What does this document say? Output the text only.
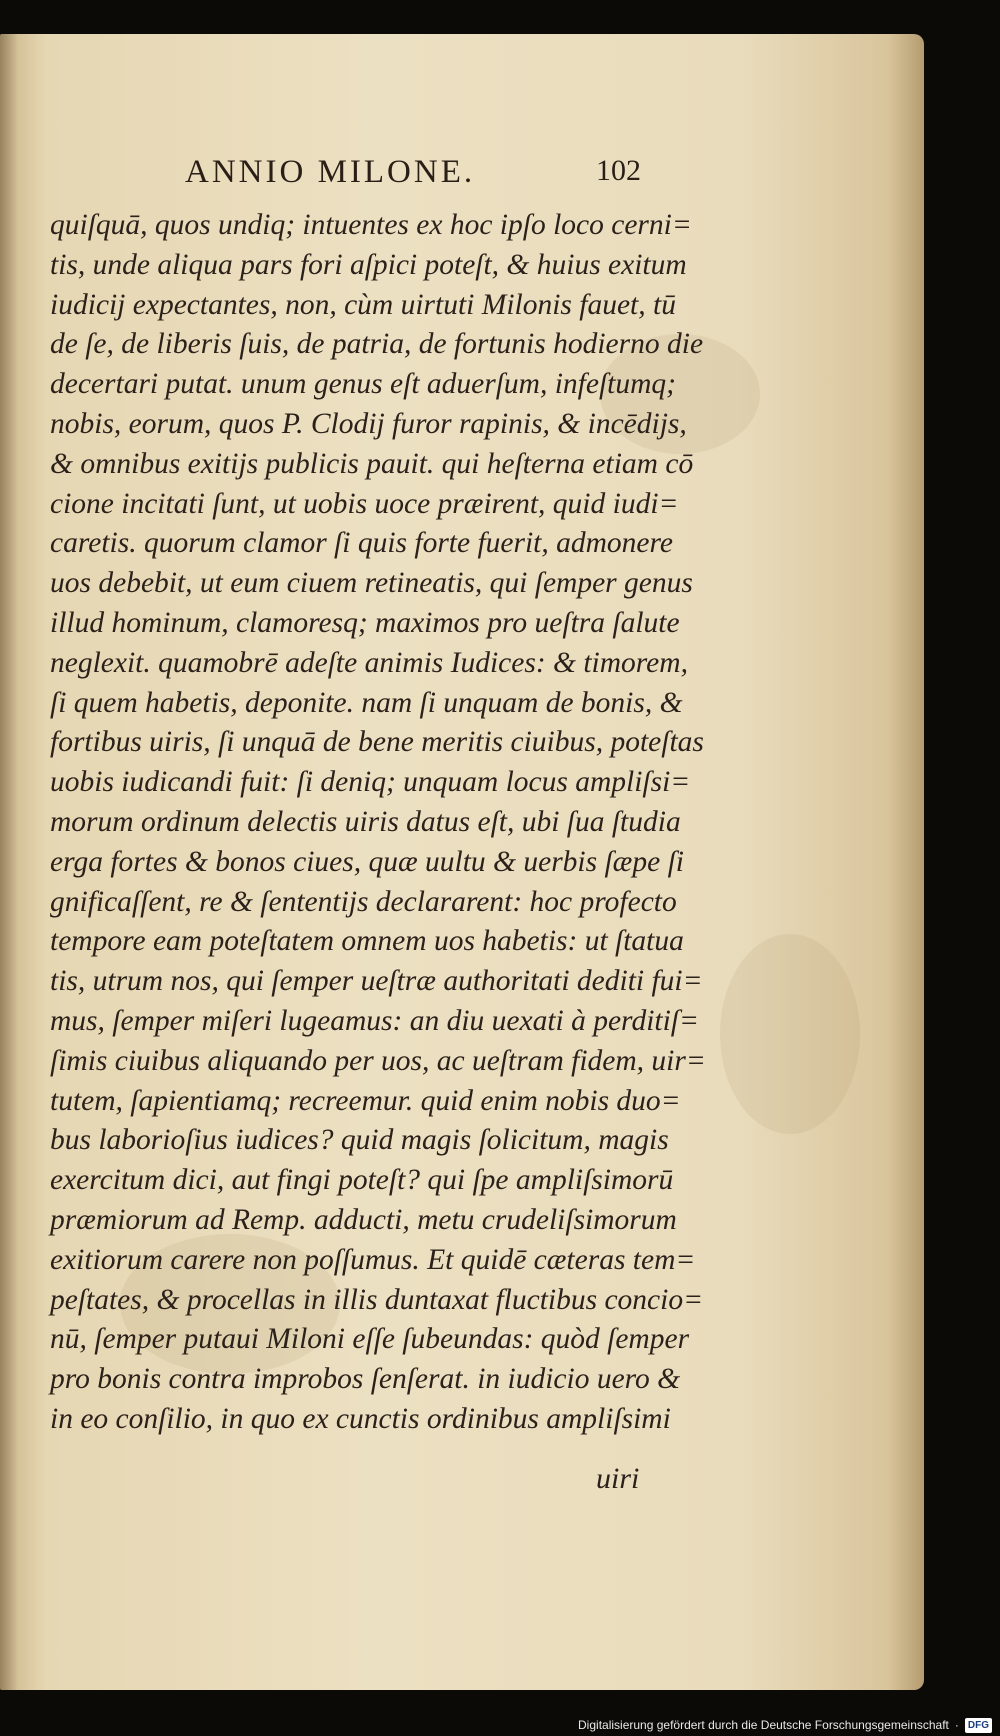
ANNIO MILONE.	102
quiſquā, quos undiq; intuentes ex hoc ipſo loco cerni=
tis, unde aliqua pars fori aſpici poteſt, & huius exitum
iudicij expectantes, non, cùm uirtuti Milonis fauet, tū
de ſe, de liberis ſuis, de patria, de fortunis hodierno die
decertari putat. unum genus eſt aduerſum, infeſtumq;
nobis, eorum, quos P. Clodij furor rapinis, & incēdijs,
& omnibus exitijs publicis pauit. qui heſterna etiam cō
cione incitati ſunt, ut uobis uoce præirent, quid iudi=
caretis. quorum clamor ſi quis forte fuerit, admonere
uos debebit, ut eum ciuem retineatis, qui ſemper genus
illud hominum, clamoresq; maximos pro ueſtra ſalute
neglexit. quamobrē adeſte animis Iudices: & timorem,
ſi quem habetis, deponite. nam ſi unquam de bonis, &
fortibus uiris, ſi unquā de bene meritis ciuibus, poteſtas
uobis iudicandi fuit: ſi deniq; unquam locus ampliſsi=
morum ordinum delectis uiris datus eſt, ubi ſua ſtudia
erga fortes & bonos ciues, quæ uultu & uerbis ſæpe ſi
gnificaſſent, re & ſententijs declararent: hoc profecto
tempore eam poteſtatem omnem uos habetis: ut ſtatua
tis, utrum nos, qui ſemper ueſtræ authoritati dediti fui=
mus, ſemper miſeri lugeamus: an diu uexati à perditiſ=
ſimis ciuibus aliquando per uos, ac ueſtram fidem, uir=
tutem, ſapientiamq; recreemur. quid enim nobis duo=
bus laborioſius iudices? quid magis ſolicitum, magis
exercitum dici, aut fingi poteſt? qui ſpe ampliſsimorū
præmiorum ad Remp. adducti, metu crudeliſsimorum
exitiorum carere non poſſumus. Et quidē cæteras tem=
peſtates, & procellas in illis duntaxat fluctibus concio=
nū, ſemper putaui Miloni eſſe ſubeundas: quòd ſemper
pro bonis contra improbos ſenſerat. in iudicio uero &
in eo conſilio, in quo ex cunctis ordinibus ampliſsimi
uiri
Digitalisierung gefördert durch die Deutsche Forschungsgemeinschaft · DFG
